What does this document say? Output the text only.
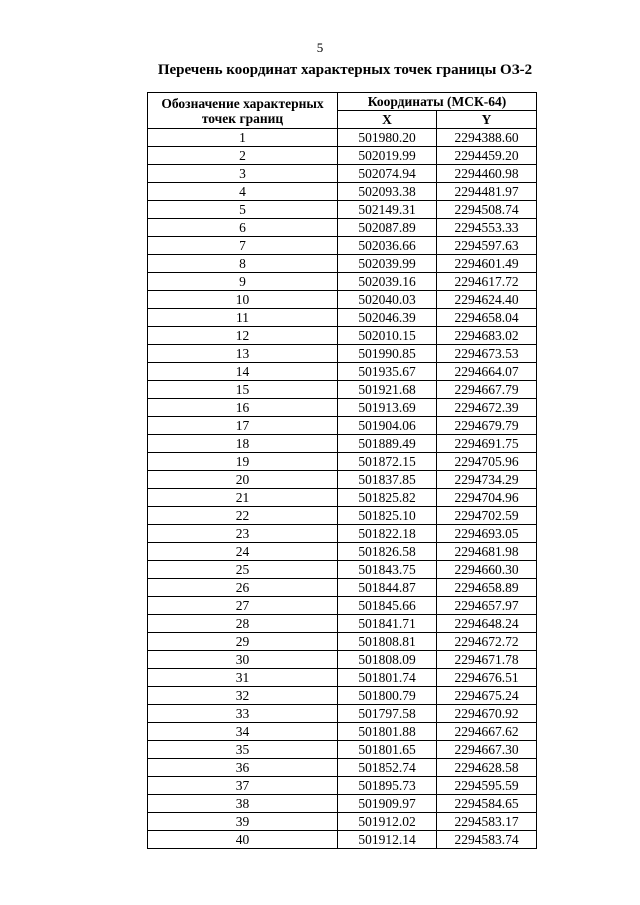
5
Перечень координат характерных точек границы ОЗ-2
Обозначение характерных точек границ	Координаты (МСК-64)	
	X	Y
1	501980.20	2294388.60
2	502019.99	2294459.20
3	502074.94	2294460.98
4	502093.38	2294481.97
5	502149.31	2294508.74
6	502087.89	2294553.33
7	502036.66	2294597.63
8	502039.99	2294601.49
9	502039.16	2294617.72
10	502040.03	2294624.40
11	502046.39	2294658.04
12	502010.15	2294683.02
13	501990.85	2294673.53
14	501935.67	2294664.07
15	501921.68	2294667.79
16	501913.69	2294672.39
17	501904.06	2294679.79
18	501889.49	2294691.75
19	501872.15	2294705.96
20	501837.85	2294734.29
21	501825.82	2294704.96
22	501825.10	2294702.59
23	501822.18	2294693.05
24	501826.58	2294681.98
25	501843.75	2294660.30
26	501844.87	2294658.89
27	501845.66	2294657.97
28	501841.71	2294648.24
29	501808.81	2294672.72
30	501808.09	2294671.78
31	501801.74	2294676.51
32	501800.79	2294675.24
33	501797.58	2294670.92
34	501801.88	2294667.62
35	501801.65	2294667.30
36	501852.74	2294628.58
37	501895.73	2294595.59
38	501909.97	2294584.65
39	501912.02	2294583.17
40	501912.14	2294583.74
